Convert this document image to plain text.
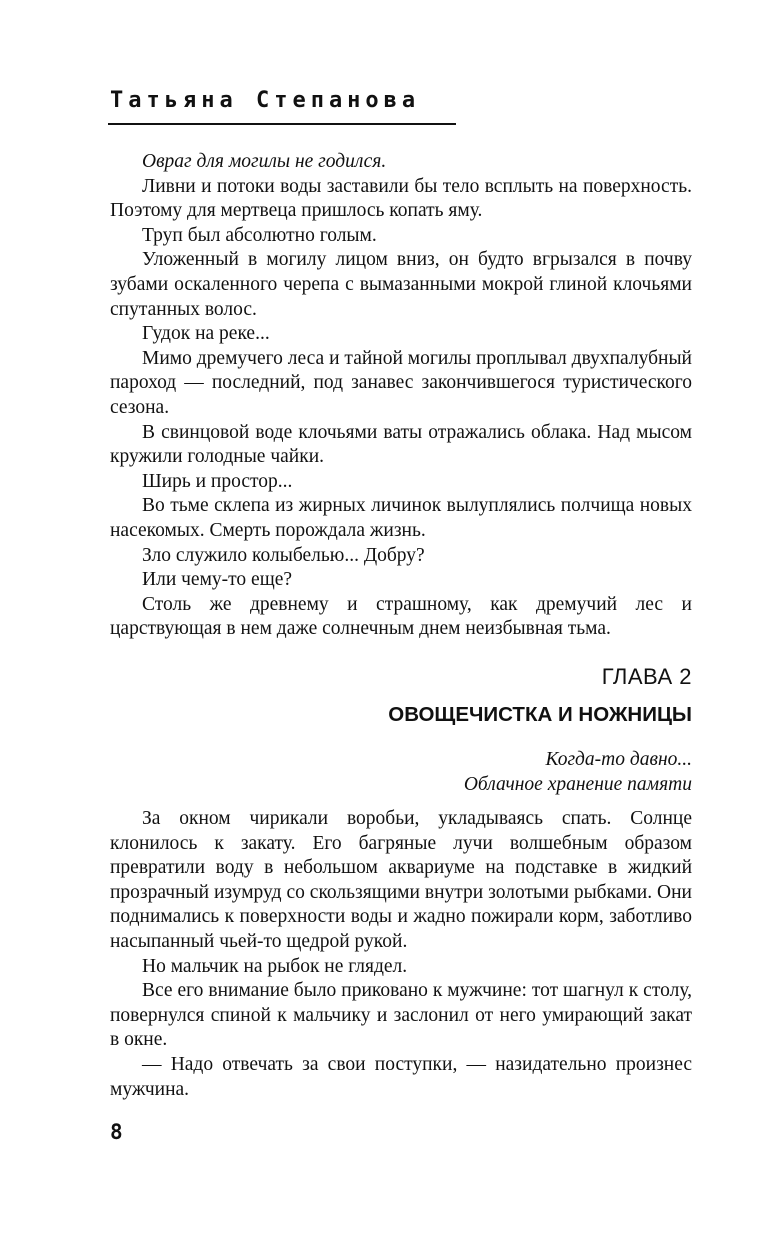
Татьяна Степанова

Овраг для могилы не годился.

Ливни и потоки воды заставили бы тело всплыть на поверхность. Поэтому для мертвеца пришлось копать яму.

Труп был абсолютно голым.

Уложенный в могилу лицом вниз, он будто вгрызался в почву зубами оскаленного черепа с вымазанными мокрой глиной клочьями спутанных волос.

Гудок на реке...

Мимо дремучего леса и тайной могилы проплывал двухпалубный пароход — последний, под занавес закончившегося туристического сезона.

В свинцовой воде клочьями ваты отражались облака. Над мысом кружили голодные чайки.

Ширь и простор...

Во тьме склепа из жирных личинок вылуплялись полчища новых насекомых. Смерть порождала жизнь.

Зло служило колыбелью... Добру?

Или чему-то еще?

Столь же древнему и страшному, как дремучий лес и царствующая в нем даже солнечным днем неизбывная тьма.

ГЛАВА 2
ОВОЩЕЧИСТКА И НОЖНИЦЫ
Когда-то давно...
Облачное хранение памяти

За окном чирикали воробьи, укладываясь спать. Солнце клонилось к закату. Его багряные лучи волшебным образом превратили воду в небольшом аквариуме на подставке в жидкий прозрачный изумруд со скользящими внутри золотыми рыбками. Они поднимались к поверхности воды и жадно пожирали корм, заботливо насыпанный чьей-то щедрой рукой.

Но мальчик на рыбок не глядел.

Все его внимание было приковано к мужчине: тот шагнул к столу, повернулся спиной к мальчику и заслонил от него умирающий закат в окне.

— Надо отвечать за свои поступки, — назидательно произнес мужчина.

8
